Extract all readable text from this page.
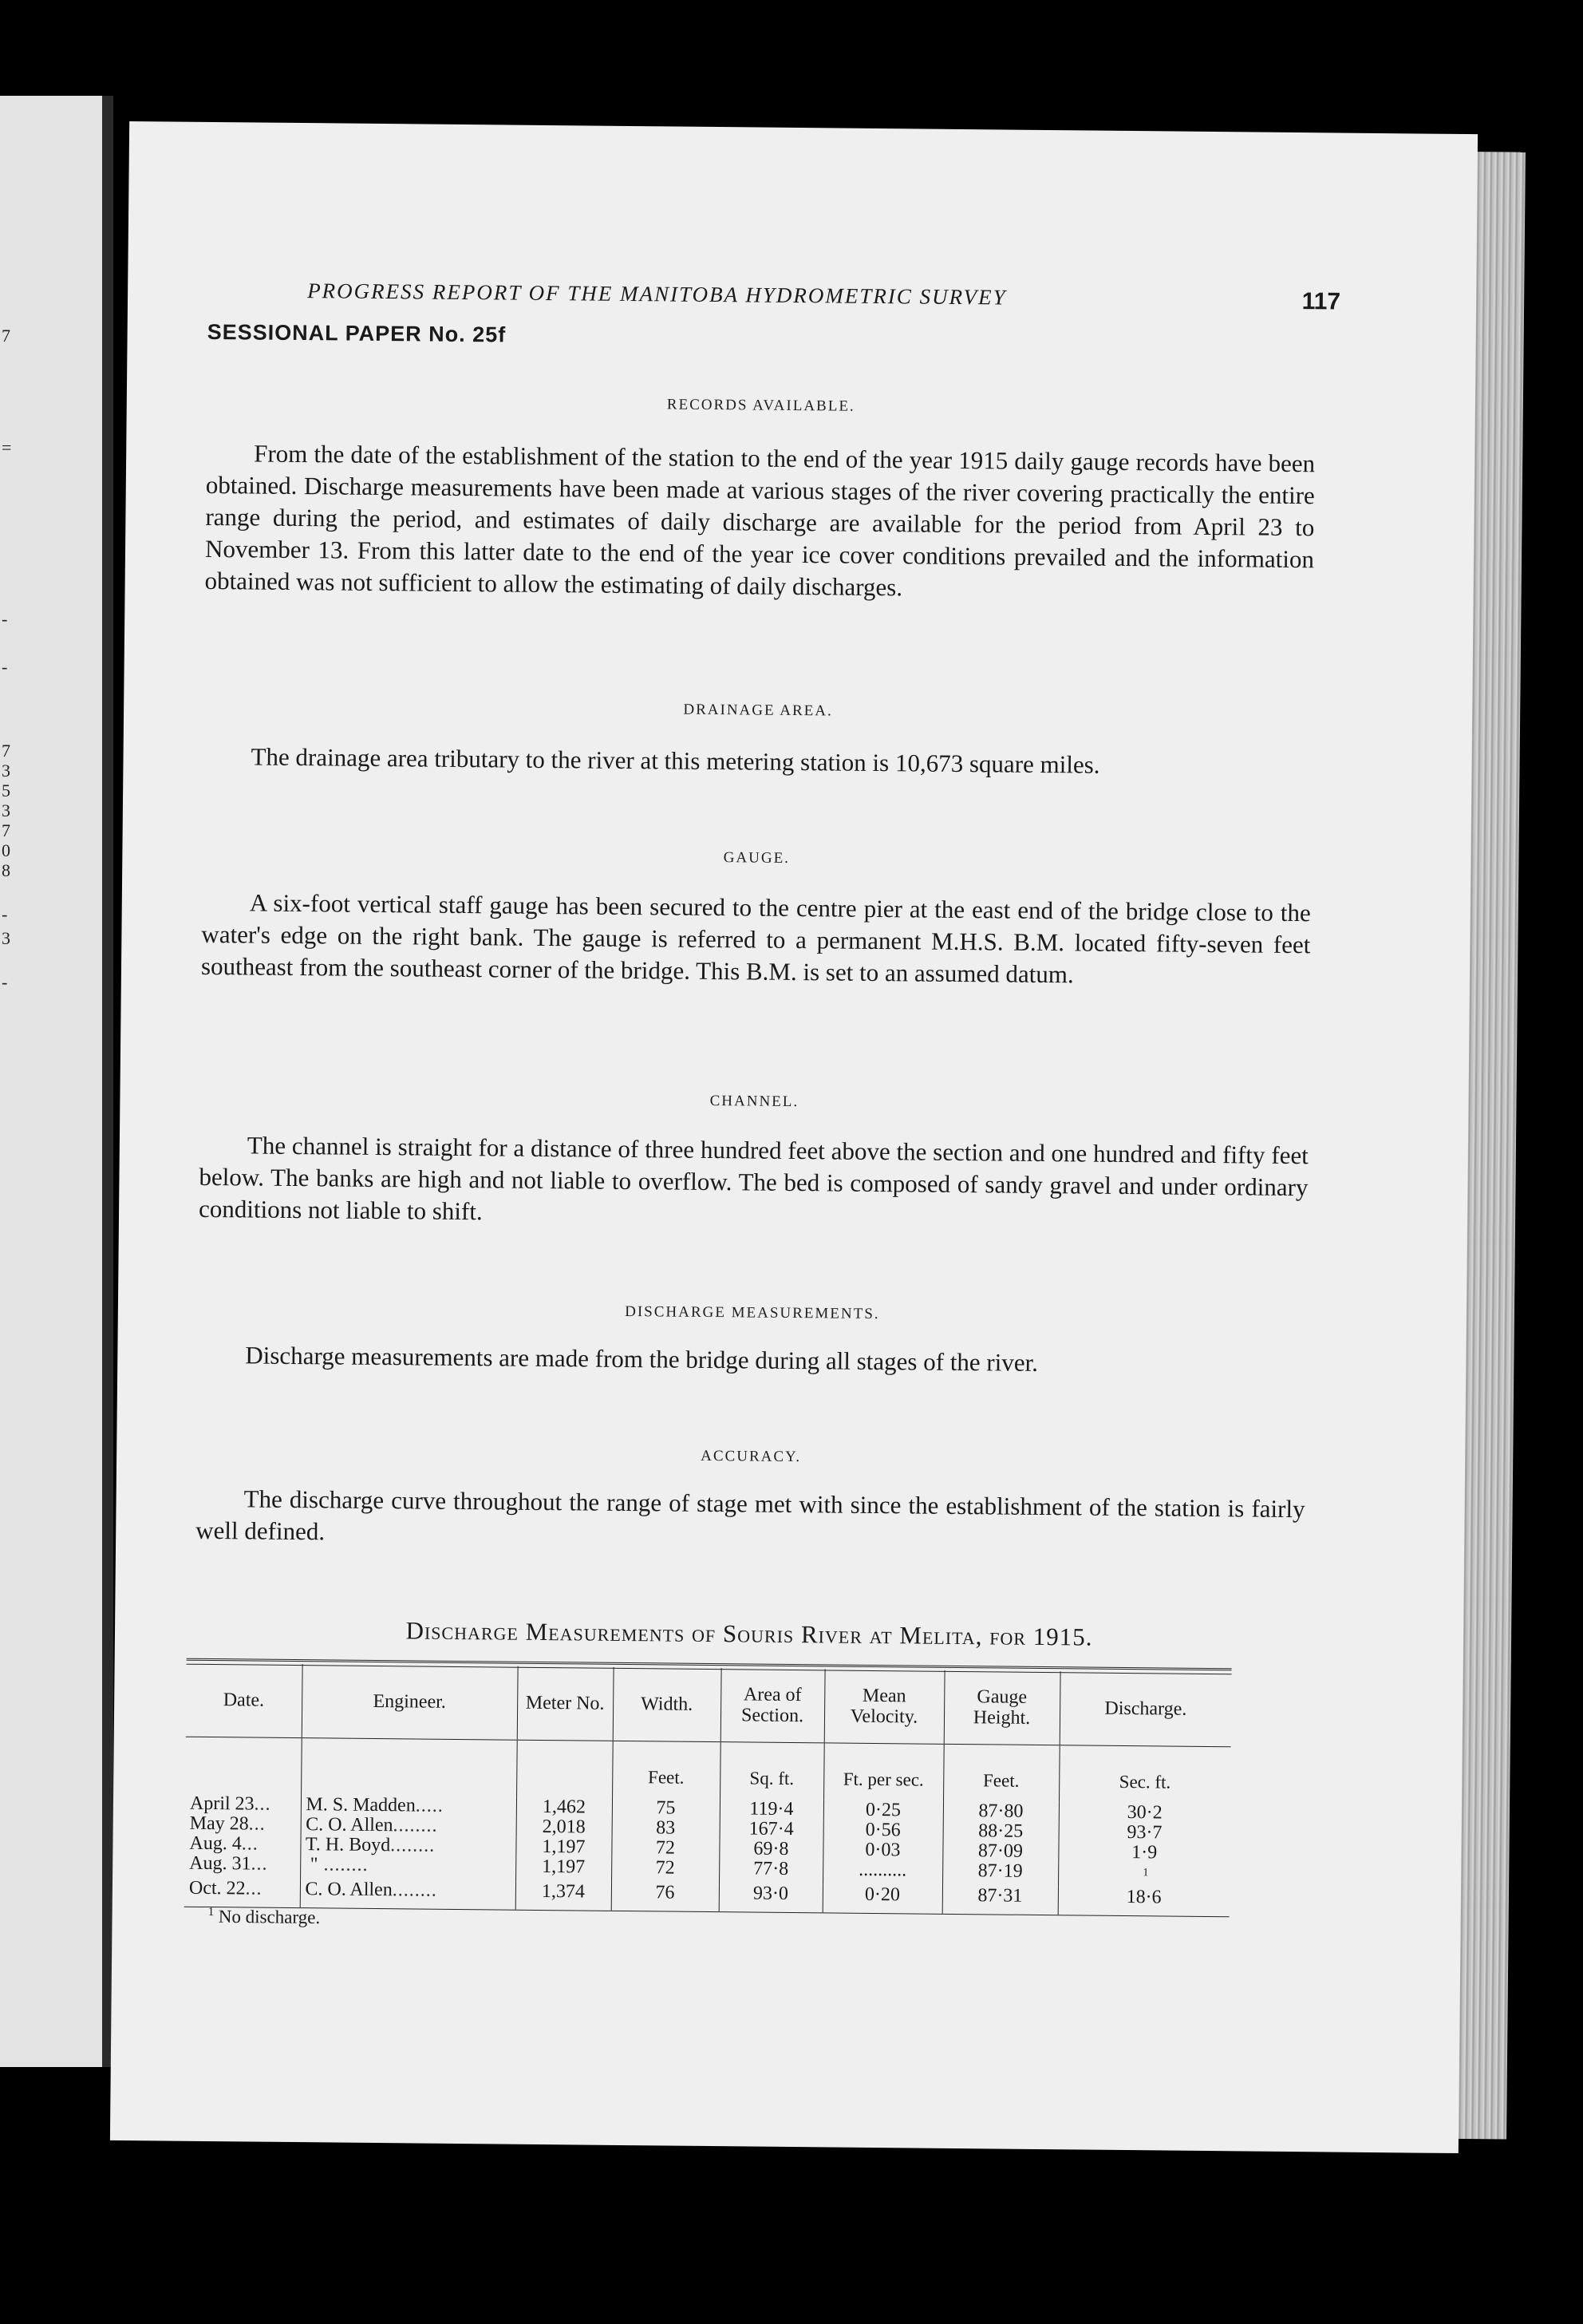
7
=
-
-
7
3
5
3
7
0
8
-
3
-
PROGRESS REPORT OF THE MANITOBA HYDROMETRIC SURVEY	117
SESSIONAL PAPER No. 25f
RECORDS AVAILABLE.
From the date of the establishment of the station to the end of the year 1915 daily gauge records have been obtained. Discharge measurements have been made at various stages of the river covering practically the entire range during the period, and estimates of daily discharge are available for the period from April 23 to November 13. From this latter date to the end of the year ice cover conditions prevailed and the information obtained was not sufficient to allow the estimating of daily discharges.
DRAINAGE AREA.
The drainage area tributary to the river at this metering station is 10,673 square miles.
GAUGE.
A six-foot vertical staff gauge has been secured to the centre pier at the east end of the bridge close to the water's edge on the right bank. The gauge is referred to a permanent M.H.S. B.M. located fifty-seven feet southeast from the southeast corner of the bridge. This B.M. is set to an assumed datum.
CHANNEL.
The channel is straight for a distance of three hundred feet above the section and one hundred and fifty feet below. The banks are high and not liable to overflow. The bed is composed of sandy gravel and under ordinary conditions not liable to shift.
DISCHARGE MEASUREMENTS.
Discharge measurements are made from the bridge during all stages of the river.
ACCURACY.
The discharge curve throughout the range of stage met with since the establishment of the station is fairly well defined.
Discharge Measurements of Souris River at Melita, for 1915.
Date.	Engineer.	Meter No.	Width.	Area of Section.	Mean Velocity.	Gauge Height.	Discharge.
			Feet.	Sq. ft.	Ft. per sec.	Feet.	Sec. ft.
April 23...	M. S. Madden.....	1,462	75	119·4	0·25	87·80	30·2
May 28...	C. O. Allen........	2,018	83	167·4	0·56	88·25	93·7
Aug. 4...	T. H. Boyd........	1,197	72	69·8	0·03	87·09	1·9
Aug. 31...	" ........	1,197	72	77·8	..........	87·19	$^1$
Oct. 22...	C. O. Allen........	1,374	76	93·0	0·20	87·31	18·6
$^1$ No discharge.
